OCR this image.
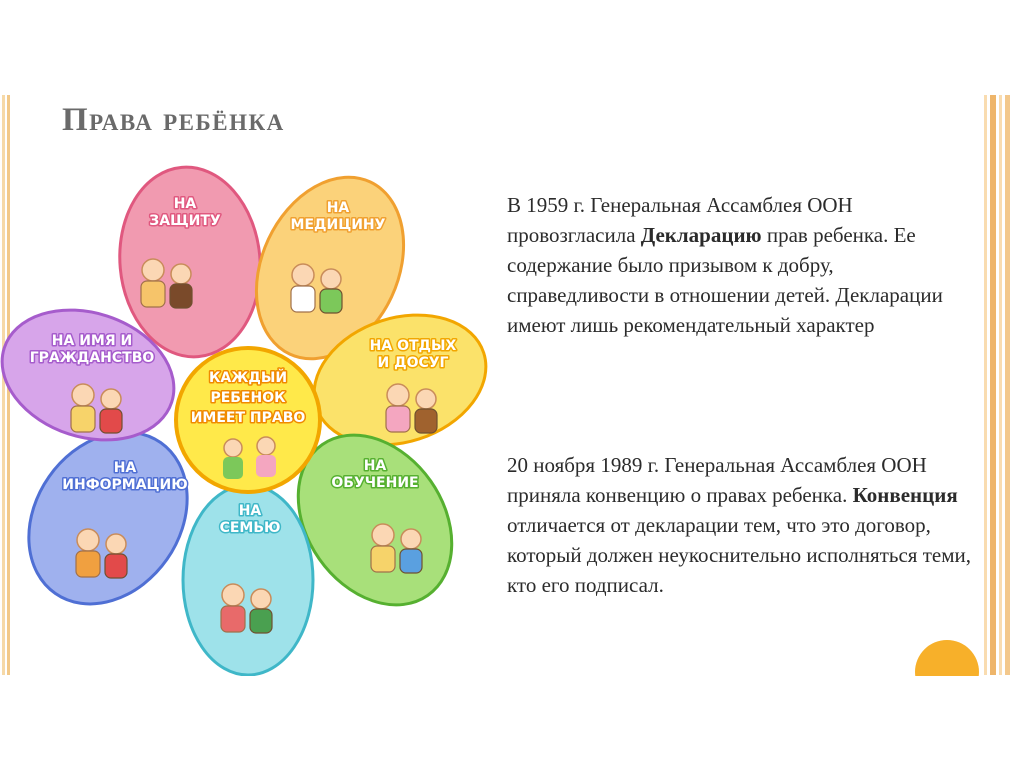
Права ребёнка
НА
ЗАЩИТУ
НА
МЕДИЦИНУ
НА ОТДЫХ
И ДОСУГ
НА
ОБУЧЕНИЕ
НА
СЕМЬЮ
НА
ИНФОРМАЦИЮ
НА ИМЯ И
ГРАЖДАНСТВО
КАЖДЫЙ
РЕБЕНОК
ИМЕЕТ ПРАВО

В 1959 г. Генеральная Ассамблея ООН провозгласила Декларацию прав ребенка. Ее содержание было призывом к добру, справедливости в отношении детей. Декларации имеют лишь рекомендательный характер

20 ноября 1989 г. Генеральная Ассамблея ООН приняла конвенцию о правах ребенка. Конвенция отличается от декларации тем, что это договор, который должен неукоснительно исполняться теми, кто его подписал.
